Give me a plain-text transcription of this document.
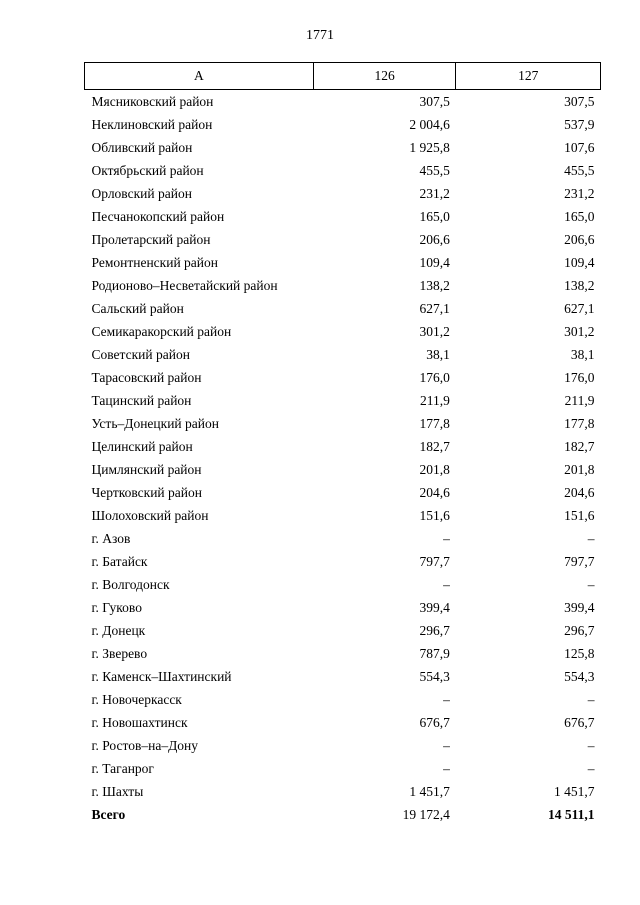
1771
А	126	127
Мясниковский район	307,5	307,5
Неклиновский район	2 004,6	537,9
Обливский район	1 925,8	107,6
Октябрьский район	455,5	455,5
Орловский район	231,2	231,2
Песчанокопский район	165,0	165,0
Пролетарский район	206,6	206,6
Ремонтненский район	109,4	109,4
Родионово–Несветайский район	138,2	138,2
Сальский район	627,1	627,1
Семикаракорский район	301,2	301,2
Советский район	38,1	38,1
Тарасовский район	176,0	176,0
Тацинский район	211,9	211,9
Усть–Донецкий район	177,8	177,8
Целинский район	182,7	182,7
Цимлянский район	201,8	201,8
Чертковский район	204,6	204,6
Шолоховский район	151,6	151,6
г. Азов	–	–
г. Батайск	797,7	797,7
г. Волгодонск	–	–
г. Гуково	399,4	399,4
г. Донецк	296,7	296,7
г. Зверево	787,9	125,8
г. Каменск–Шахтинский	554,3	554,3
г. Новочеркасск	–	–
г. Новошахтинск	676,7	676,7
г. Ростов–на–Дону	–	–
г. Таганрог	–	–
г. Шахты	1 451,7	1 451,7
Всего	19 172,4	14 511,1
